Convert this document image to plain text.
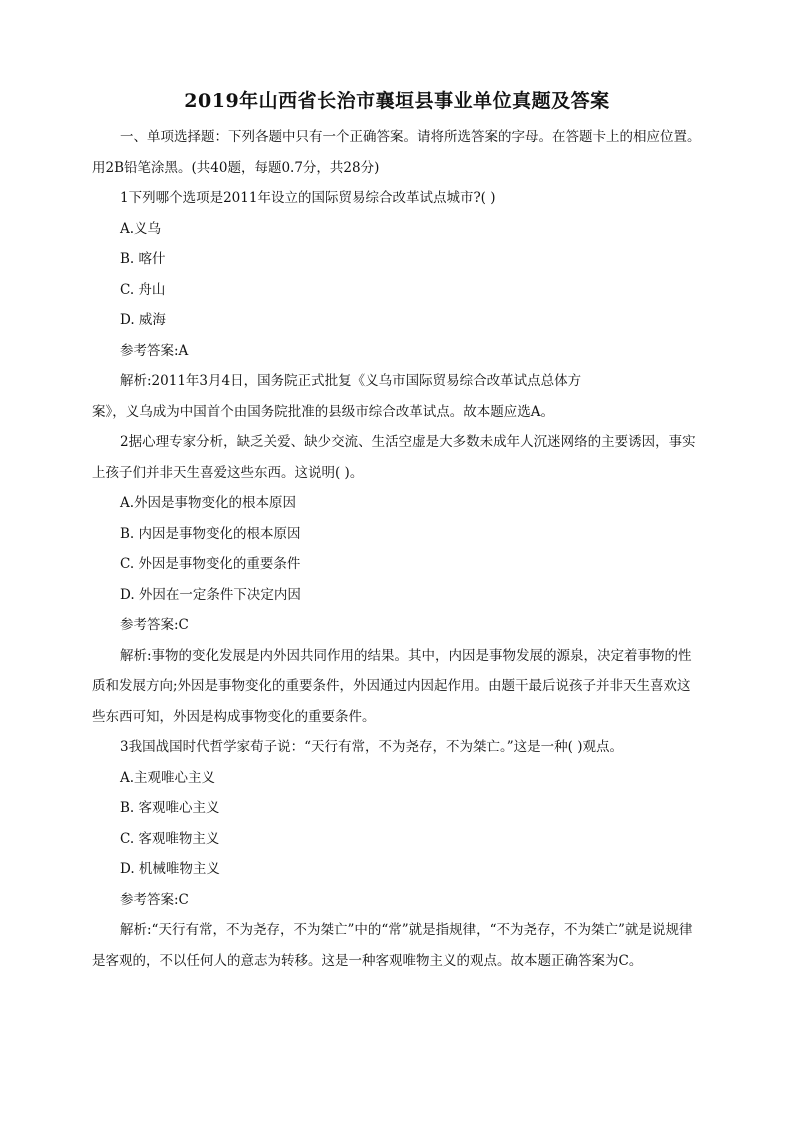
2019年山西省长治市襄垣县事业单位真题及答案

一、单项选择题：下列各题中只有一个正确答案。请将所选答案的字母。在答题卡上的相应位置。用2B铅笔涂黑。(共40题，每题0.7分，共28分)

1下列哪个选项是2011年设立的国际贸易综合改革试点城市?( )

A.义乌

B. 喀什

C. 舟山

D. 威海

参考答案:A

解析:2011年3月4日，国务院正式批复《义乌市国际贸易综合改革试点总体方

案》，义乌成为中国首个由国务院批准的县级市综合改革试点。故本题应选A。

2据心理专家分析，缺乏关爱、缺少交流、生活空虚是大多数未成年人沉迷网络的主要诱因，事实上孩子们并非天生喜爱这些东西。这说明( )。

A.外因是事物变化的根本原因

B. 内因是事物变化的根本原因

C. 外因是事物变化的重要条件

D. 外因在一定条件下决定内因

参考答案:C

解析:事物的变化发展是内外因共同作用的结果。其中，内因是事物发展的源泉，决定着事物的性质和发展方向;外因是事物变化的重要条件，外因通过内因起作用。由题干最后说孩子并非天生喜欢这些东西可知，外因是构成事物变化的重要条件。

3我国战国时代哲学家荀子说：“天行有常，不为尧存，不为桀亡。”这是一种( )观点。

A.主观唯心主义

B. 客观唯心主义

C. 客观唯物主义

D. 机械唯物主义

参考答案:C

解析:“天行有常，不为尧存，不为桀亡”中的“常”就是指规律，“不为尧存，不为桀亡”就是说规律是客观的，不以任何人的意志为转移。这是一种客观唯物主义的观点。故本题正确答案为C。
